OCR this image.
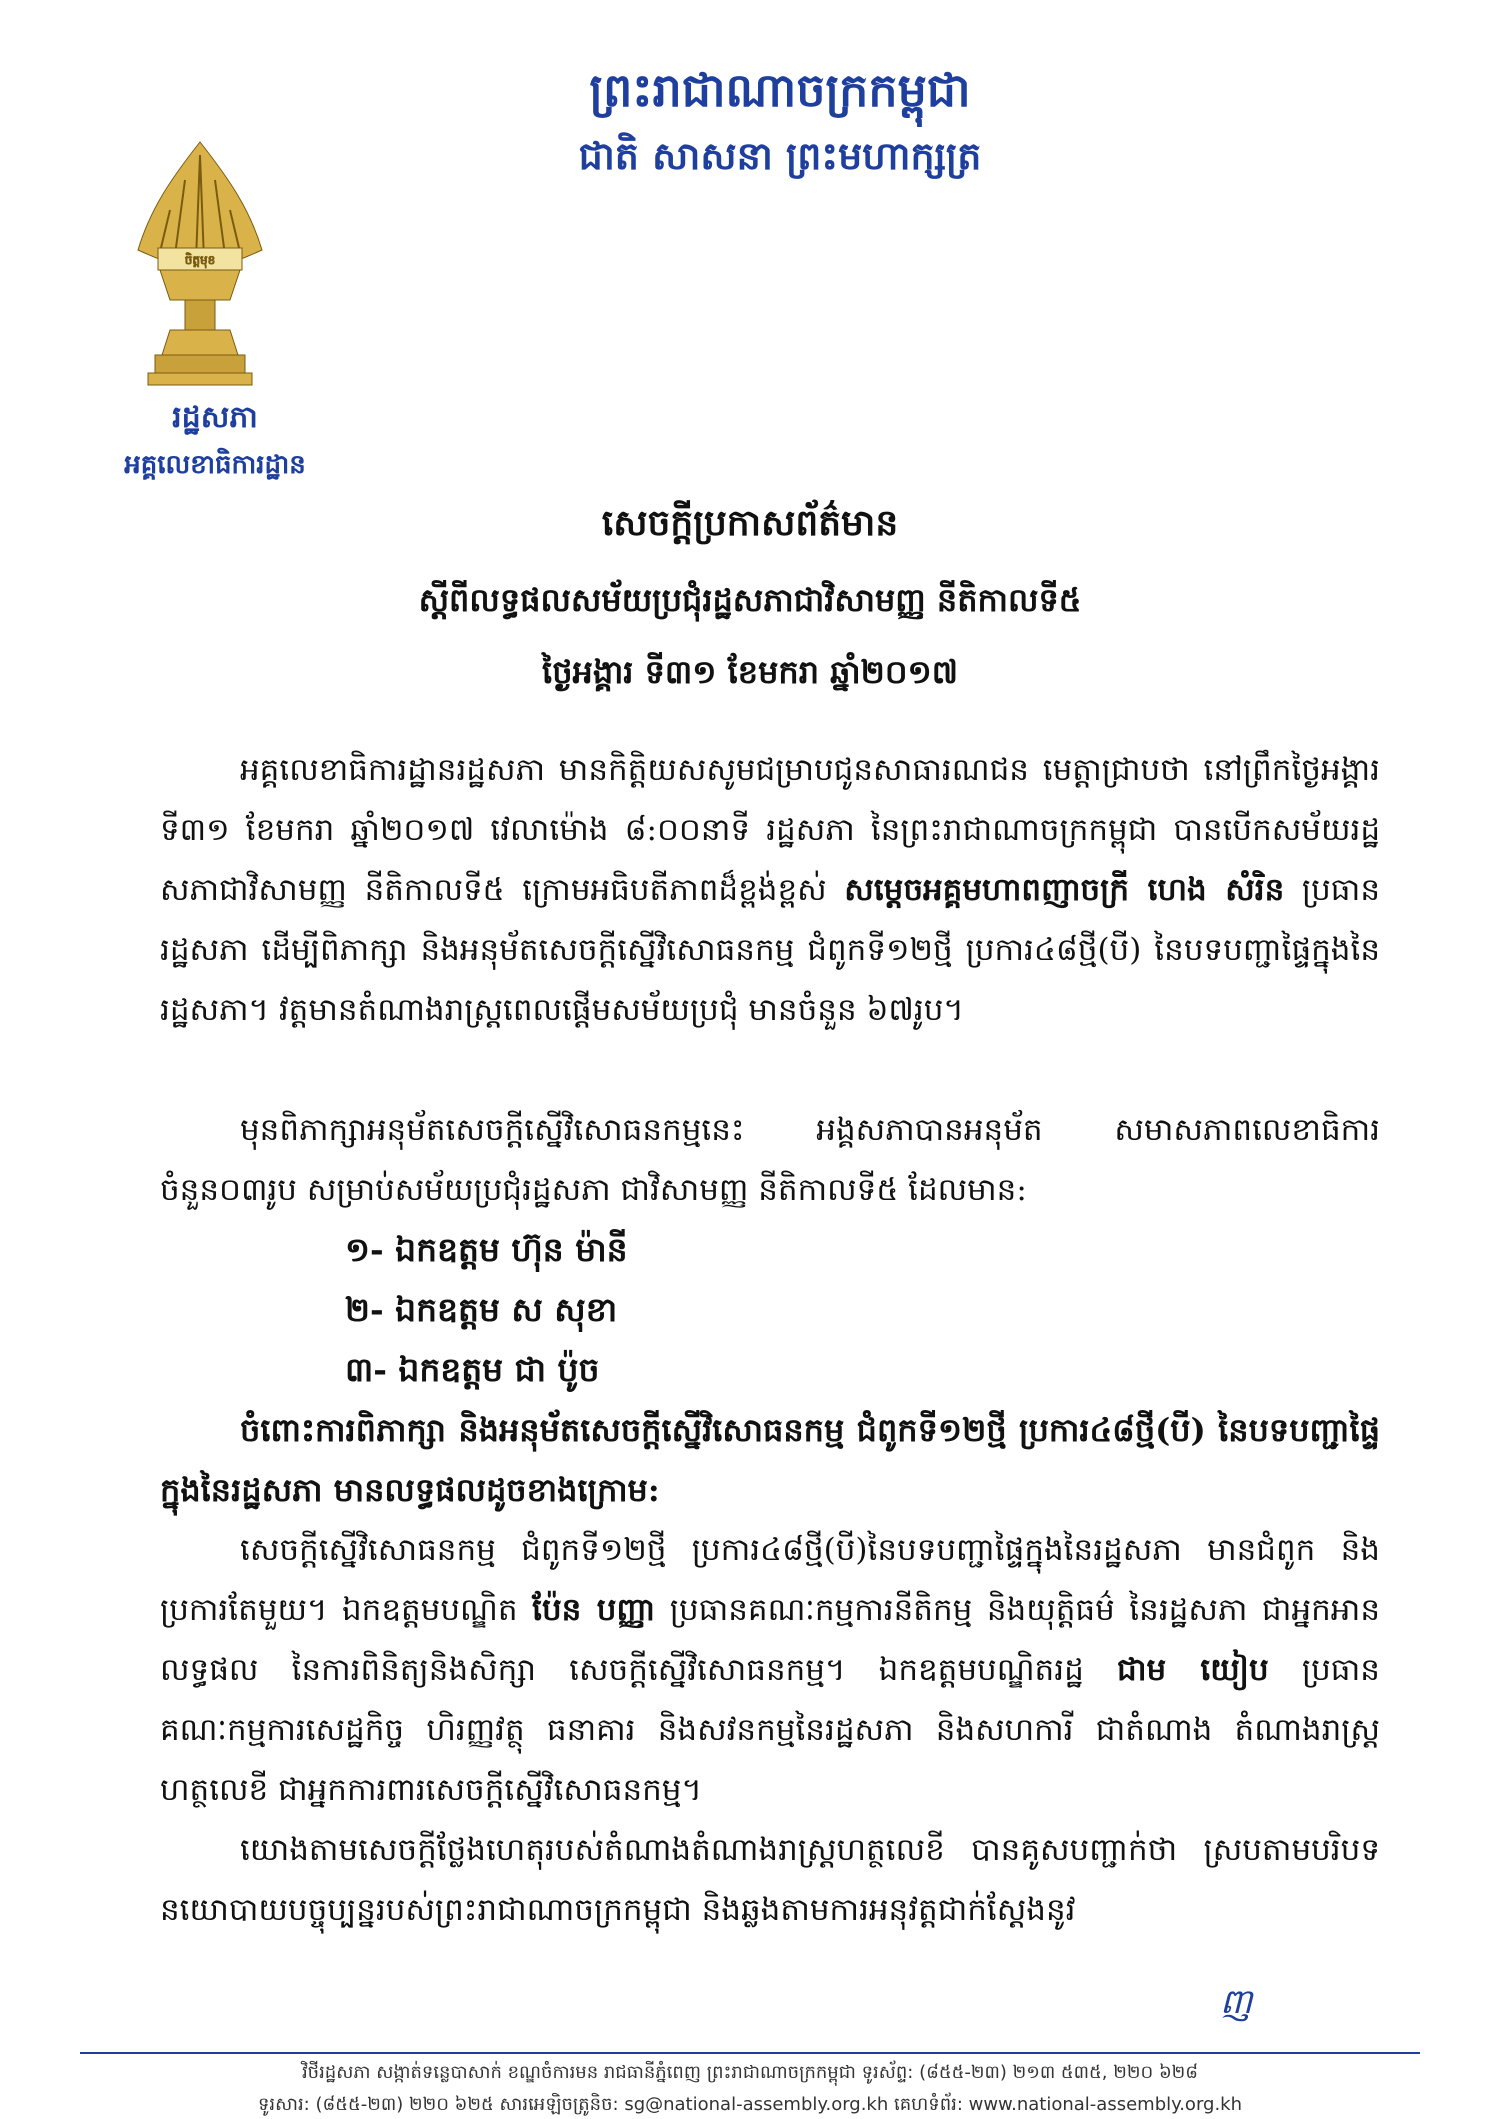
ព្រះរាជាណាចក្រកម្ពុជា
ជាតិ សាសនា ព្រះមហាក្សត្រ
ចិត្តមុខ
រដ្ឋសភា
អគ្គលេខាធិការដ្ឋាន
សេចក្តីប្រកាសព័ត៌មាន
ស្តីពីលទ្ធផលសម័យប្រជុំរដ្ឋសភាជាវិសាមញ្ញ នីតិកាលទី៥
ថ្ងៃអង្គារ ទី៣១ ខែមករា ឆ្នាំ២០១៧

អគ្គលេខាធិការដ្ឋានរដ្ឋសភា មានកិត្តិយសសូមជម្រាបជូនសាធារណជន មេត្តាជ្រាបថា នៅព្រឹកថ្ងៃអង្គារ ទី៣១ ខែមករា ឆ្នាំ២០១៧ វេលាម៉ោង ៨:០០នាទី រដ្ឋសភា នៃព្រះរាជាណាចក្រកម្ពុជា បានបើកសម័យរដ្ឋសភាជាវិសាមញ្ញ នីតិកាលទី៥ ក្រោមអធិបតីភាពដ៏ខ្ពង់ខ្ពស់ សម្តេចអគ្គមហាពញាចក្រី ហេង សំរិន ប្រធានរដ្ឋសភា ដើម្បីពិភាក្សា និងអនុម័តសេចក្តីស្នើវិសោធនកម្ម ជំពូកទី១២ថ្មី ប្រការ៤៨ថ្មី(បី) នៃបទបញ្ជាផ្ទៃក្នុងនៃរដ្ឋសភា។ វត្តមានតំណាងរាស្ត្រពេលផ្តើមសម័យប្រជុំ មានចំនួន ៦៧រូប។

មុនពិភាក្សាអនុម័តសេចក្តីស្នើវិសោធនកម្មនេះ អង្គសភាបានអនុម័ត សមាសភាពលេខាធិការ ចំនួន០៣រូប សម្រាប់សម័យប្រជុំរដ្ឋសភា ជាវិសាមញ្ញ នីតិកាលទី៥ ដែលមាន:

១- ឯកឧត្តម ហ៊ុន ម៉ានី
២- ឯកឧត្តម ស សុខា
៣- ឯកឧត្តម ជា ប៉ូច

ចំពោះការពិភាក្សា និងអនុម័តសេចក្តីស្នើវិសោធនកម្ម ជំពូកទី១២ថ្មី ប្រការ៤៨ថ្មី(បី) នៃបទបញ្ជាផ្ទៃក្នុងនៃរដ្ឋសភា មានលទ្ធផលដូចខាងក្រោម:

សេចក្តីស្នើវិសោធនកម្ម ជំពូកទី១២ថ្មី ប្រការ៤៨ថ្មី(បី)នៃបទបញ្ជាផ្ទៃក្នុងនៃរដ្ឋសភា មានជំពូក និងប្រការតែមួយ។ ឯកឧត្តមបណ្ឌិត ប៉ែន បញ្ញា ប្រធានគណៈកម្មការនីតិកម្ម និងយុត្តិធម៌ នៃរដ្ឋសភា ជាអ្នកអានលទ្ធផល នៃការពិនិត្យនិងសិក្សា សេចក្តីស្នើវិសោធនកម្ម។ ឯកឧត្តមបណ្ឌិតរដ្ឋ ជាម យៀប ប្រធានគណៈកម្មការសេដ្ឋកិច្ច ហិរញ្ញវត្ថុ ធនាគារ និងសវនកម្មនៃរដ្ឋសភា និងសហការី ជាតំណាង តំណាងរាស្ត្រហត្ថលេខី ជាអ្នកការពារសេចក្តីស្នើវិសោធនកម្ម។

យោងតាមសេចក្តីថ្លែងហេតុរបស់តំណាងតំណាងរាស្ត្រហត្ថលេខី បានគូសបញ្ជាក់ថា ស្របតាមបរិបទនយោបាយបច្ចុប្បន្នរបស់ព្រះរាជាណាចក្រកម្ពុជា និងឆ្លងតាមការអនុវត្តជាក់ស្តែងនូវ

ញ
វិថីរដ្ឋសភា សង្កាត់ទន្លេបាសាក់ ខណ្ឌចំការមន រាជធានីភ្នំពេញ ព្រះរាជាណាចក្រកម្ពុជា ទូរស័ព្ទ: (៨៥៥-២៣) ២១៣ ៥៣៥, ២២០ ៦២៨
ទូរសារ: (៨៥៥-២៣) ២២០ ៦២៥ សារអេឡិចត្រូនិច: sg@national-assembly.org.kh គេហទំព័រ: www.national-assembly.org.kh
